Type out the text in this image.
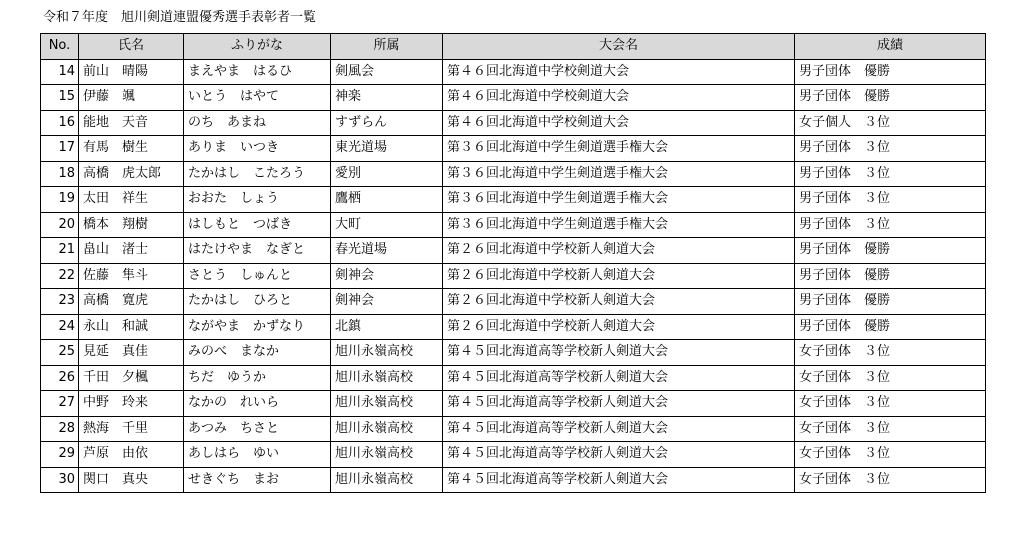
令和７年度　旭川剣道連盟優秀選手表彰者一覧
No.	氏名	ふりがな	所属	大会名	成績
14	前山　晴陽	まえやま　はるひ	剣風会	第４６回北海道中学校剣道大会	男子団体　優勝
15	伊藤　颯	いとう　はやて	神楽	第４６回北海道中学校剣道大会	男子団体　優勝
16	能地　天音	のち　あまね	すずらん	第４６回北海道中学校剣道大会	女子個人　３位
17	有馬　樹生	ありま　いつき	東光道場	第３６回北海道中学生剣道選手権大会	男子団体　３位
18	高橋　虎太郎	たかはし　こたろう	愛別	第３６回北海道中学生剣道選手権大会	男子団体　３位
19	太田　祥生	おおた　しょう	鷹栖	第３６回北海道中学生剣道選手権大会	男子団体　３位
20	橋本　翔樹	はしもと　つばき	大町	第３６回北海道中学生剣道選手権大会	男子団体　３位
21	畠山　渚士	はたけやま　なぎと	春光道場	第２６回北海道中学校新人剣道大会	男子団体　優勝
22	佐藤　隼斗	さとう　しゅんと	剣神会	第２６回北海道中学校新人剣道大会	男子団体　優勝
23	高橋　寛虎	たかはし　ひろと	剣神会	第２６回北海道中学校新人剣道大会	男子団体　優勝
24	永山　和誠	ながやま　かずなり	北鎮	第２６回北海道中学校新人剣道大会	男子団体　優勝
25	見延　真佳	みのべ　まなか	旭川永嶺高校	第４５回北海道高等学校新人剣道大会	女子団体　３位
26	千田　夕楓	ちだ　ゆうか	旭川永嶺高校	第４５回北海道高等学校新人剣道大会	女子団体　３位
27	中野　玲来	なかの　れいら	旭川永嶺高校	第４５回北海道高等学校新人剣道大会	女子団体　３位
28	熱海　千里	あつみ　ちさと	旭川永嶺高校	第４５回北海道高等学校新人剣道大会	女子団体　３位
29	芦原　由依	あしはら　ゆい	旭川永嶺高校	第４５回北海道高等学校新人剣道大会	女子団体　３位
30	関口　真央	せきぐち　まお	旭川永嶺高校	第４５回北海道高等学校新人剣道大会	女子団体　３位
